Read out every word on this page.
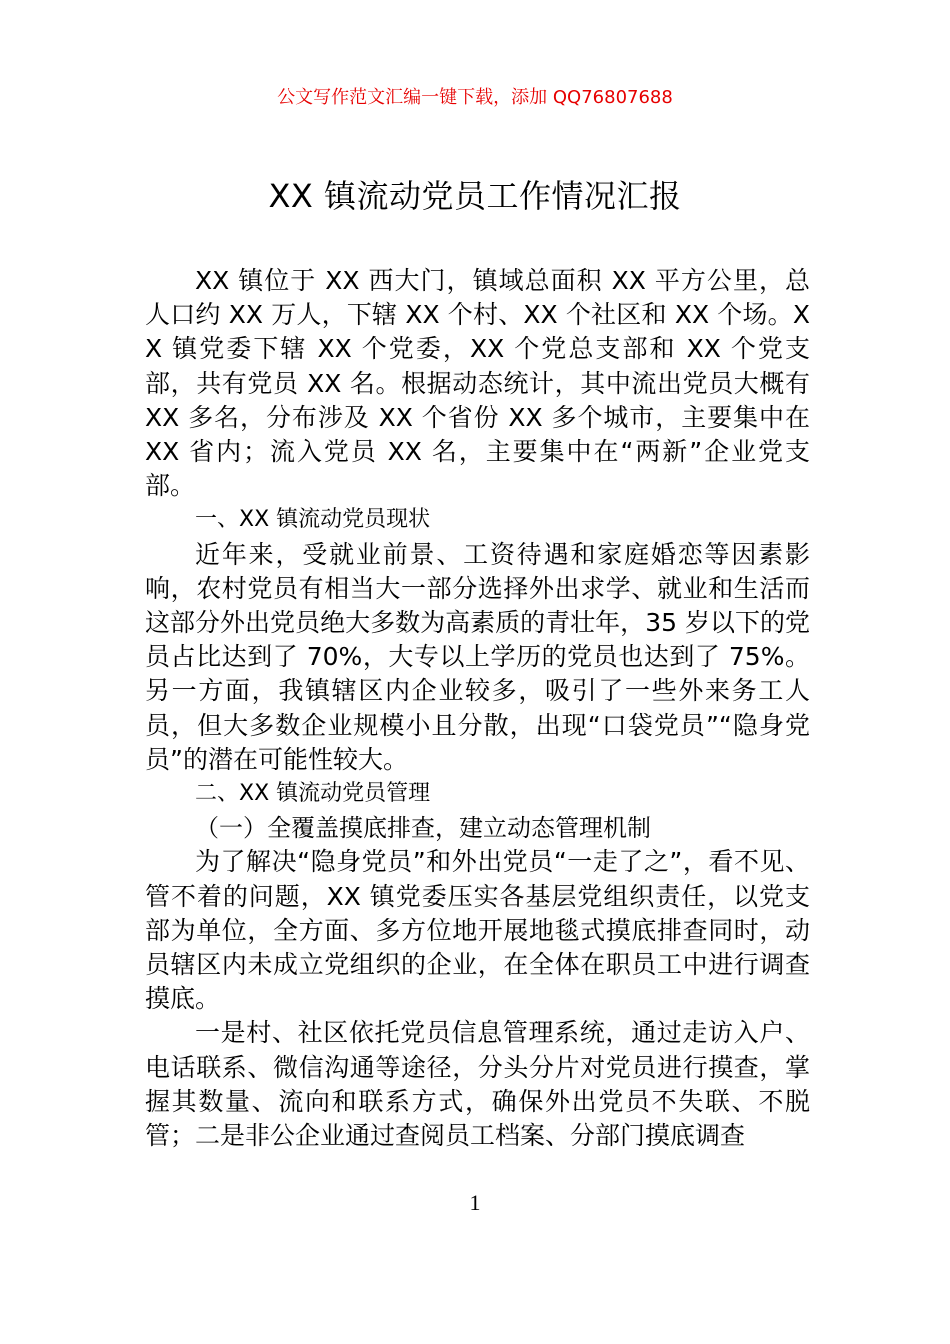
公文写作范文汇编一键下载，添加 QQ76807688
XX 镇流动党员工作情况汇报

XX 镇位于 XX 西大门，镇域总面积 XX 平方公里，总人口约 XX 万人，下辖 XX 个村、XX 个社区和 XX 个场。XX 镇党委下辖 XX 个党委，XX 个党总支部和 XX 个党支部，共有党员 XX 名。根据动态统计，其中流出党员大概有 XX 多名，分布涉及 XX 个省份 XX 多个城市，主要集中在 XX 省内；流入党员 XX 名，主要集中在“两新”企业党支部。

一、XX 镇流动党员现状

近年来，受就业前景、工资待遇和家庭婚恋等因素影响，农村党员有相当大一部分选择外出求学、就业和生活而这部分外出党员绝大多数为高素质的青壮年，35 岁以下的党员占比达到了 70%，大专以上学历的党员也达到了 75%。另一方面，我镇辖区内企业较多，吸引了一些外来务工人员，但大多数企业规模小且分散，出现“口袋党员”“隐身党员”的潜在可能性较大。

二、XX 镇流动党员管理

（一）全覆盖摸底排查，建立动态管理机制

为了解决“隐身党员”和外出党员“一走了之”，看不见、管不着的问题，XX 镇党委压实各基层党组织责任，以党支部为单位，全方面、多方位地开展地毯式摸底排查同时，动员辖区内未成立党组织的企业，在全体在职员工中进行调查摸底。

一是村、社区依托党员信息管理系统，通过走访入户、电话联系、微信沟通等途径，分头分片对党员进行摸查，掌握其数量、流向和联系方式，确保外出党员不失联、不脱管；二是非公企业通过查阅员工档案、分部门摸底调查

1
